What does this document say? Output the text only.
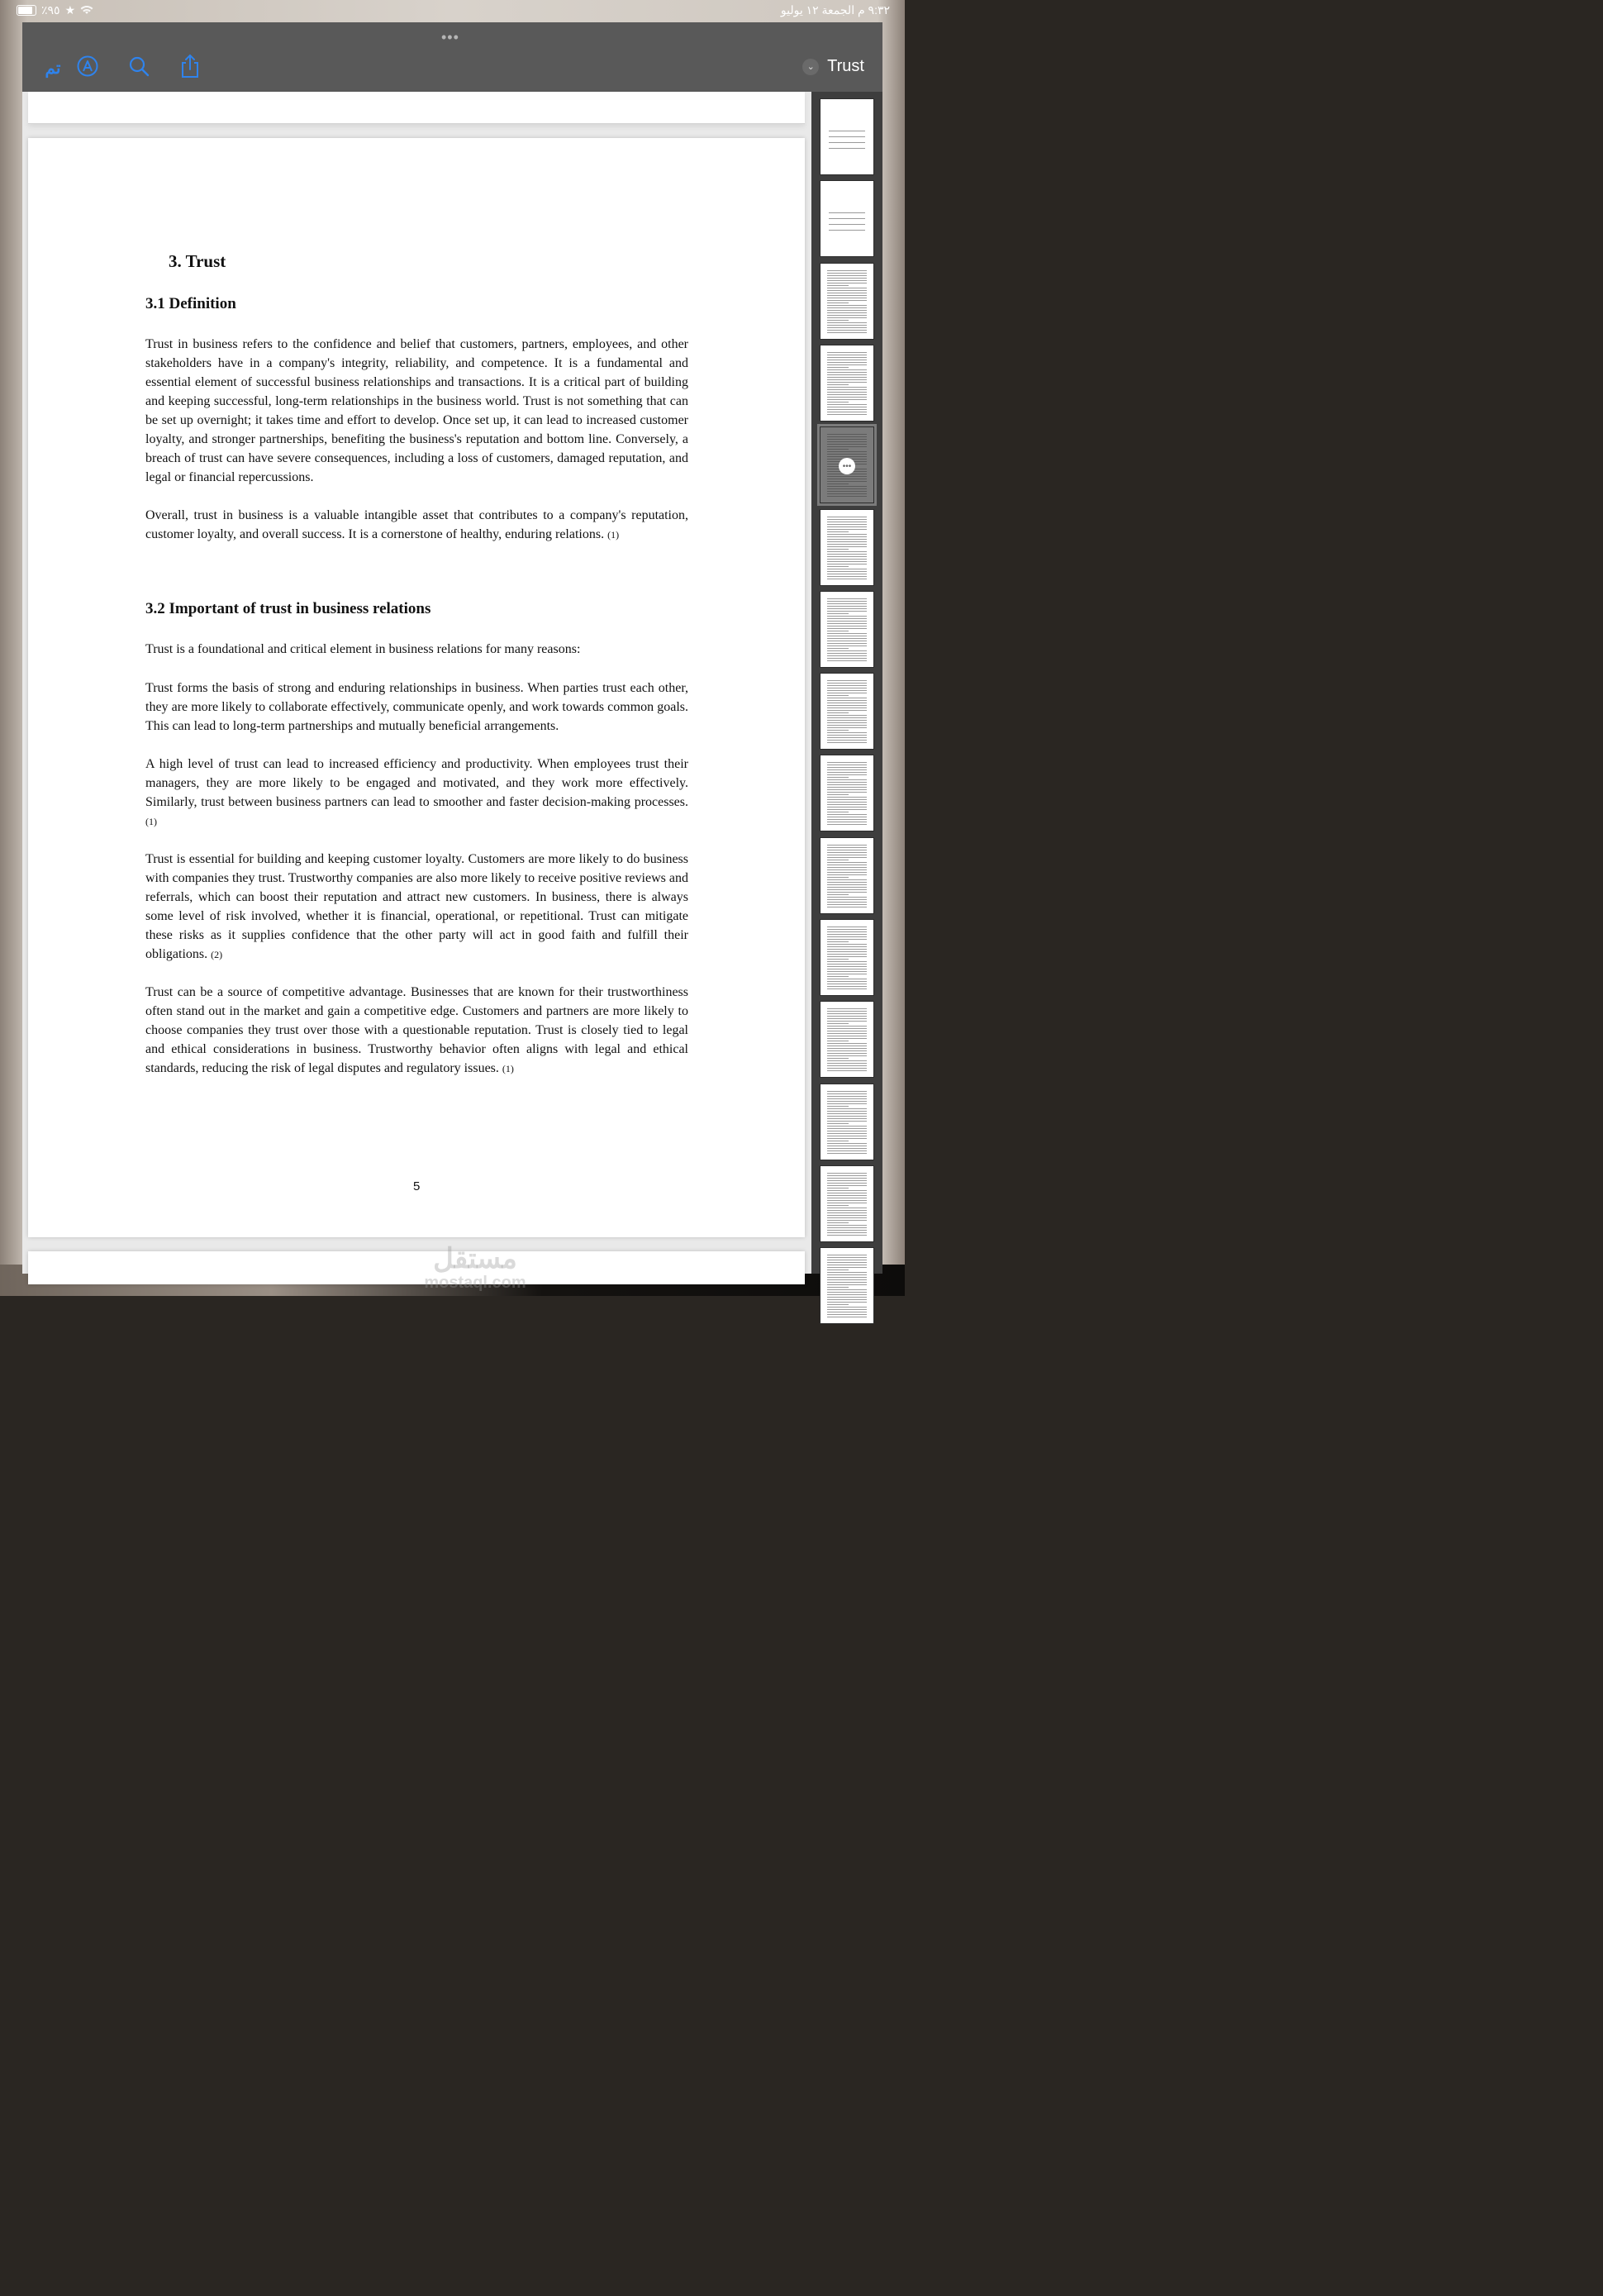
٪٩٥ ★	٩:٣٢ م الجمعة ١٢ يوليو
•••
تم	⌄ Trust
3. Trust
3.1 Definition

Trust in business refers to the confidence and belief that customers, partners, employees, and other stakeholders have in a company's integrity, reliability, and competence. It is a fundamental and essential element of successful business relationships and transactions. It is a critical part of building and keeping successful, long-term relationships in the business world. Trust is not something that can be set up overnight; it takes time and effort to develop. Once set up, it can lead to increased customer loyalty, and stronger partnerships, benefiting the business's reputation and bottom line. Conversely, a breach of trust can have severe consequences, including a loss of customers, damaged reputation, and legal or financial repercussions.

Overall, trust in business is a valuable intangible asset that contributes to a company's reputation, customer loyalty, and overall success. It is a cornerstone of healthy, enduring relations. (1)

3.2 Important of trust in business relations

Trust is a foundational and critical element in business relations for many reasons:

Trust forms the basis of strong and enduring relationships in business. When parties trust each other, they are more likely to collaborate effectively, communicate openly, and work towards common goals. This can lead to long-term partnerships and mutually beneficial arrangements.

A high level of trust can lead to increased efficiency and productivity. When employees trust their managers, they are more likely to be engaged and motivated, and they work more effectively. Similarly, trust between business partners can lead to smoother and faster decision-making processes. (1)

Trust is essential for building and keeping customer loyalty. Customers are more likely to do business with companies they trust. Trustworthy companies are also more likely to receive positive reviews and referrals, which can boost their reputation and attract new customers. In business, there is always some level of risk involved, whether it is financial, operational, or repetitional. Trust can mitigate these risks as it supplies confidence that the other party will act in good faith and fulfill their obligations. (2)

Trust can be a source of competitive advantage. Businesses that are known for their trustworthiness often stand out in the market and gain a competitive edge. Customers and partners are more likely to choose companies they trust over those with a questionable reputation. Trust is closely tied to legal and ethical considerations in business. Trustworthy behavior often aligns with legal and ethical standards, reducing the risk of legal disputes and regulatory issues. (1)

5
•••
مستقل
mostaql.com
